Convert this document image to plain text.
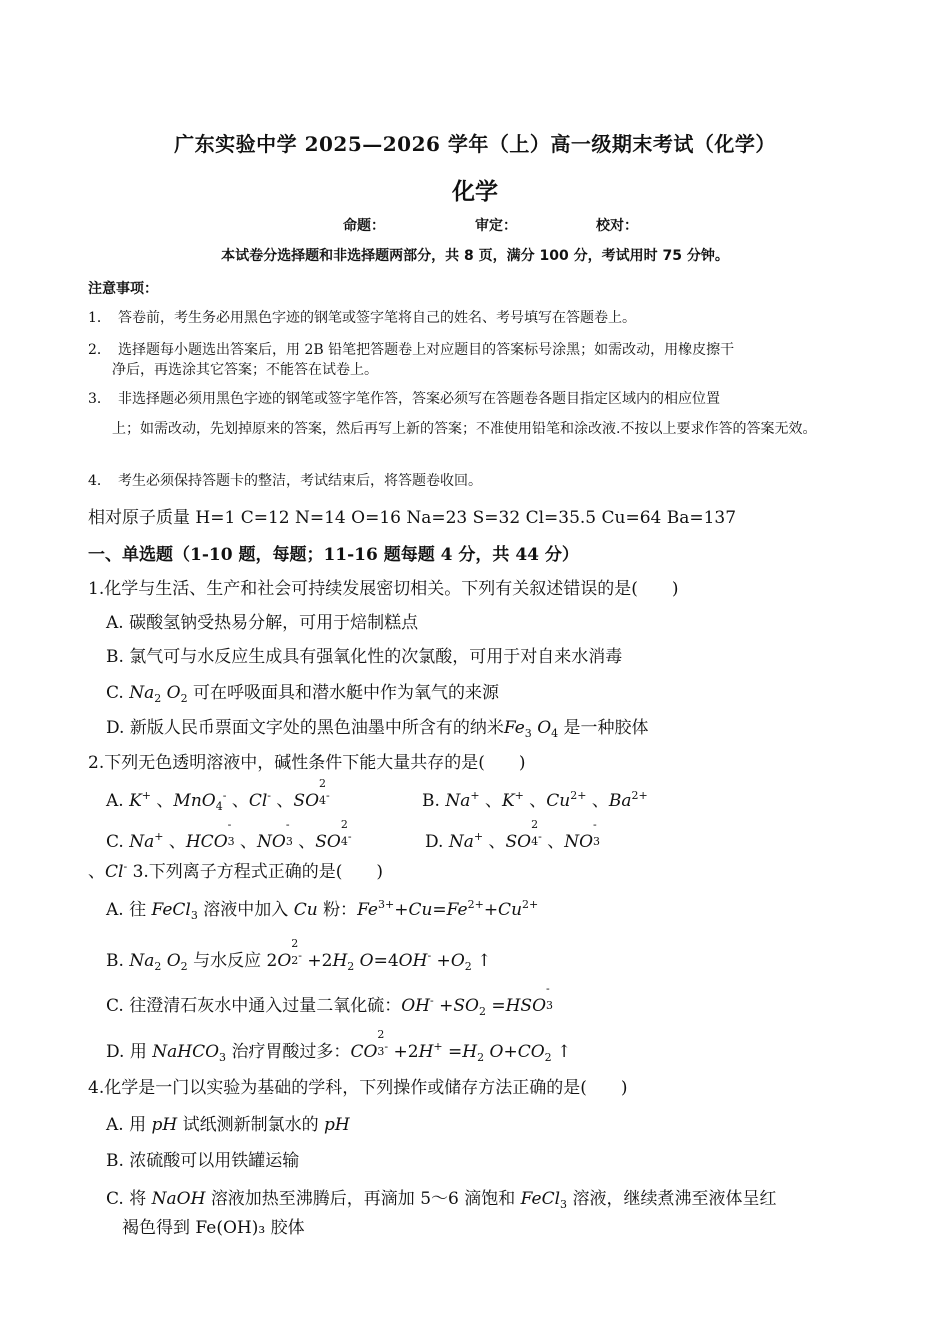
广东实验中学 2025—2026 学年（上）高一级期末考试（化学）
化学
命题：	审定：	校对：
本试卷分选择题和非选择题两部分，共 8 页，满分 100 分，考试用时 75 分钟。
注意事项：
1． 答卷前，考生务必用黑色字迹的钢笔或签字笔将自己的姓名、考号填写在答题卷上。
2． 选择题每小题选出答案后，用 2B 铅笔把答题卷上对应题目的答案标号涂黑；如需改动，用橡皮擦干
净后，再选涂其它答案；不能答在试卷上。
3． 非选择题必须用黑色字迹的钢笔或签字笔作答，答案必须写在答题卷各题目指定区域内的相应位置
上；如需改动，先划掉原来的答案，然后再写上新的答案；不准使用铅笔和涂改液.不按以上要求作答的答案无效。
4． 考生必须保持答题卡的整洁，考试结束后，将答题卷收回。
相对原子质量 H=1 C=12 N=14 O=16 Na=23 S=32 Cl=35.5 Cu=64 Ba=137
一、单选题（1-10 题，每题；11-16 题每题 4 分，共 44 分）
1.化学与生活、生产和社会可持续发展密切相关。下列有关叙述错误的是(　　)
A. 碳酸氢钠受热易分解，可用于焙制糕点
B. 氯气可与水反应生成具有强氧化性的次氯酸，可用于对自来水消毒
C. $Na_2$ $O_2$ 可在呼吸面具和潜水艇中作为氧气的来源
D. 新版人民币票面文字处的黑色油墨中所含有的纳米$Fe_3$ $O_4$ 是一种胶体
2.下列无色透明溶液中，碱性条件下能大量共存的是(　　)
A. K+ 、MnO$_4$- 、Cl- 、SO
2
4 -	B. Na+ 、K+ 、$Cu^{2+}$ 、$Ba^{2+}$
C. Na+ 、HCO
-
3 、NO
-
3 、SO
2
4 -	D. Na+ 、SO
2
4 - 、NO
-
3
、Cl- 3.下列离子方程式正确的是(　　)
A. 往 FeCl$_3$ 溶液中加入 Cu 粉：$Fe^{3+}+Cu=Fe^{2+}+Cu^{2+}$
B. $Na_2$ $O_2$ 与水反应 2O
2
2 $^- +2H_2$ $O=4OH^- +O_2$ ↑
C. 往澄清石灰水中通入过量二氧化硫：$OH^- +SO_2 =HSO$
-
3
D. 用 NaHCO$_3$ 治疗胃酸过多：CO
2
3 $^- +2H^+ =H_2$ $O+CO_2$ ↑
4.化学是一门以实验为基础的学科，下列操作或储存方法正确的是(　　)
A. 用 pH 试纸测新制氯水的 pH
B. 浓硫酸可以用铁罐运输
C. 将 NaOH 溶液加热至沸腾后，再滴加 5～6 滴饱和 FeCl$_3$ 溶液，继续煮沸至液体呈红
褐色得到 Fe(OH)₃ 胶体
